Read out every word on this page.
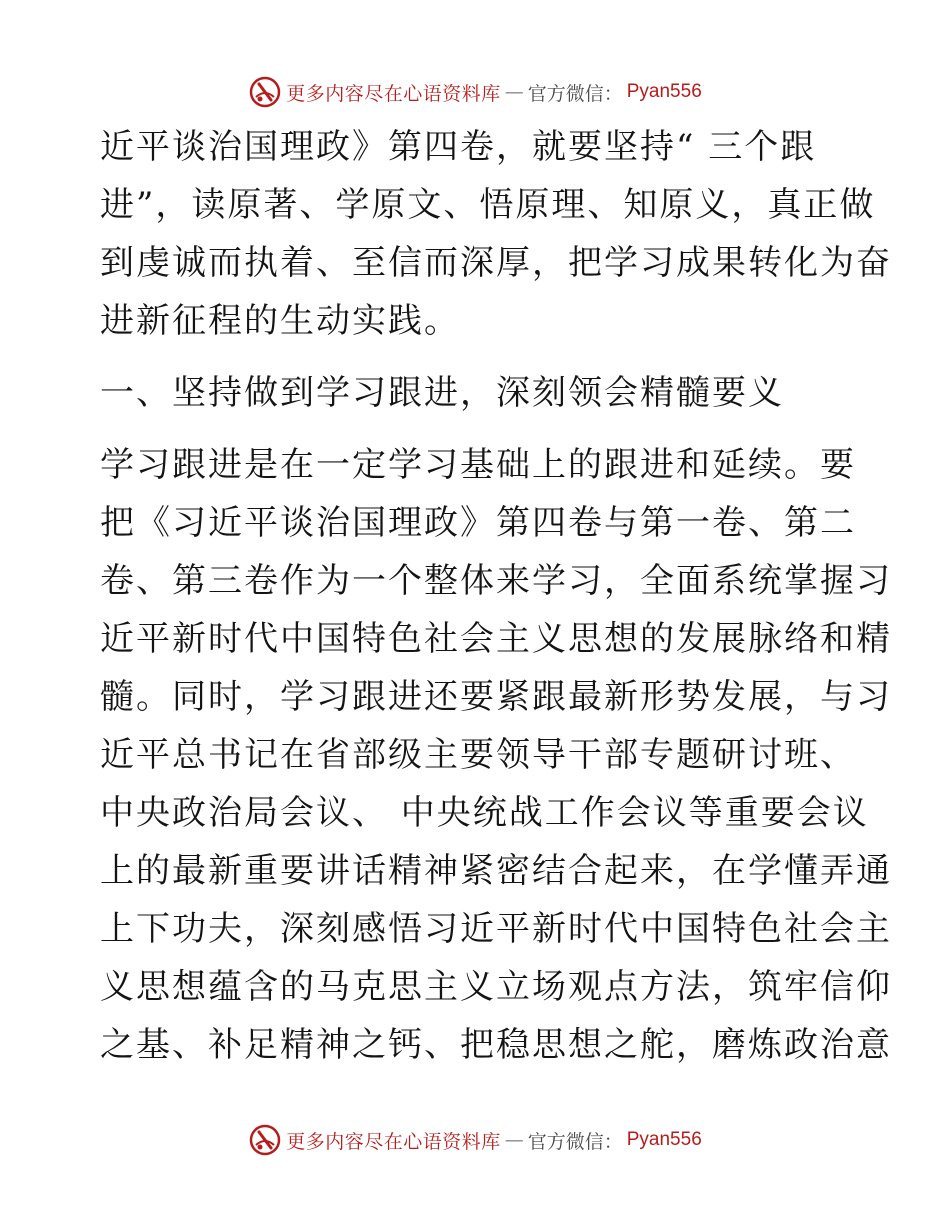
更多内容尽在心语资料库 — 官方微信： Pyan556
近平谈治国理政》第四卷，就要坚持“ 三个跟
进”，读原著、学原文、悟原理、知原义，真正做
到虔诚而执着、至信而深厚，把学习成果转化为奋
进新征程的生动实践。
一、坚持做到学习跟进，深刻领会精髓要义
学习跟进是在一定学习基础上的跟进和延续。要
把《习近平谈治国理政》第四卷与第一卷、第二
卷、第三卷作为一个整体来学习，全面系统掌握习
近平新时代中国特色社会主义思想的发展脉络和精
髓。同时，学习跟进还要紧跟最新形势发展，与习
近平总书记在省部级主要领导干部专题研讨班、
中央政治局会议、 中央统战工作会议等重要会议
上的最新重要讲话精神紧密结合起来，在学懂弄通
上下功夫，深刻感悟习近平新时代中国特色社会主
义思想蕴含的马克思主义立场观点方法，筑牢信仰
之基、补足精神之钙、把稳思想之舵，磨炼政治意
更多内容尽在心语资料库 — 官方微信： Pyan556
